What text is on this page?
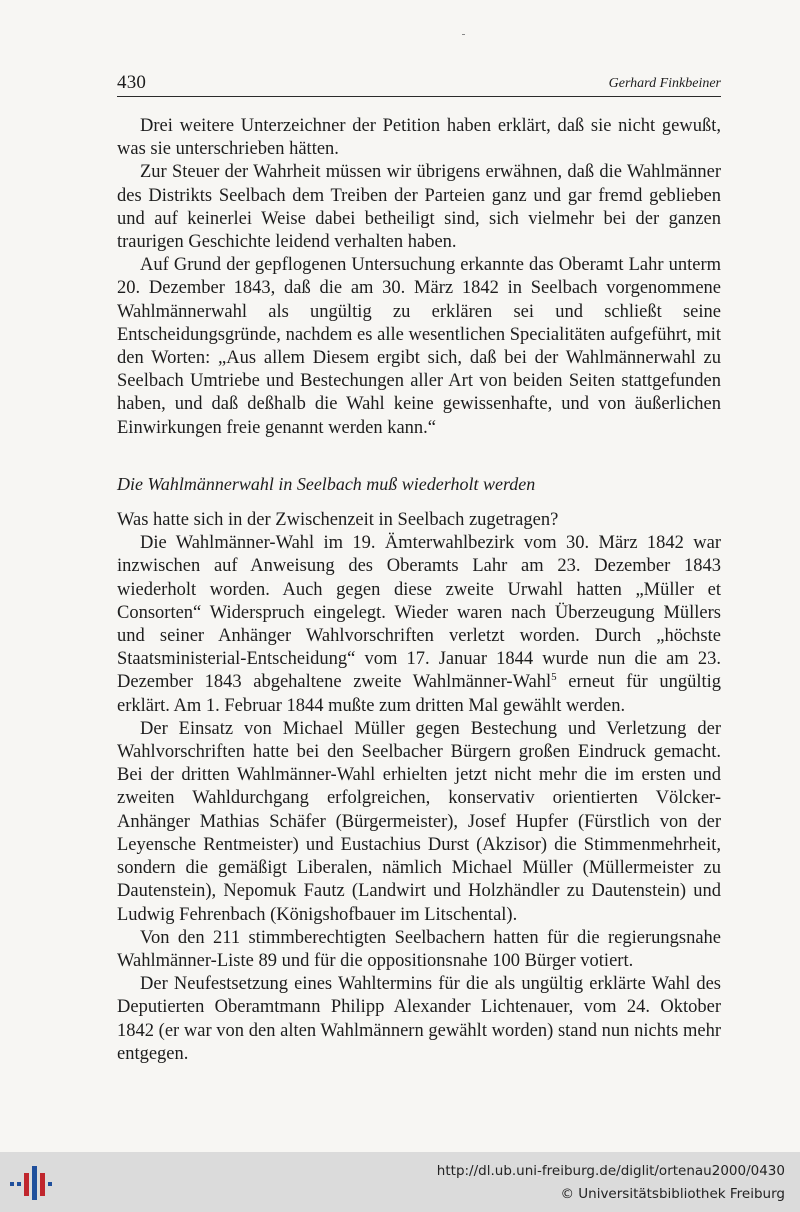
430	Gerhard Finkbeiner

Drei weitere Unterzeichner der Petition haben erklärt, daß sie nicht gewußt, was sie unterschrieben hätten.

Zur Steuer der Wahrheit müssen wir übrigens erwähnen, daß die Wahlmänner des Distrikts Seelbach dem Treiben der Parteien ganz und gar fremd geblieben und auf keinerlei Weise dabei betheiligt sind, sich vielmehr bei der ganzen traurigen Geschichte leidend verhalten haben.

Auf Grund der gepflogenen Untersuchung erkannte das Oberamt Lahr unterm 20. Dezember 1843, daß die am 30. März 1842 in Seelbach vorgenommene Wahlmännerwahl als ungültig zu erklären sei und schließt seine Entscheidungsgründe, nachdem es alle wesentlichen Specialitäten aufgeführt, mit den Worten: „Aus allem Diesem ergibt sich, daß bei der Wahlmännerwahl zu Seelbach Umtriebe und Bestechungen aller Art von beiden Seiten stattgefunden haben, und daß deßhalb die Wahl keine gewissenhafte, und von äußerlichen Einwirkungen freie genannt werden kann.“

Die Wahlmännerwahl in Seelbach muß wiederholt werden

Was hatte sich in der Zwischenzeit in Seelbach zugetragen?

Die Wahlmänner-Wahl im 19. Ämterwahlbezirk vom 30. März 1842 war inzwischen auf Anweisung des Oberamts Lahr am 23. Dezember 1843 wiederholt worden. Auch gegen diese zweite Urwahl hatten „Müller et Consorten“ Widerspruch eingelegt. Wieder waren nach Überzeugung Müllers und seiner Anhänger Wahlvorschriften verletzt worden. Durch „höchste Staatsministerial-Entscheidung“ vom 17. Januar 1844 wurde nun die am 23. Dezember 1843 abgehaltene zweite Wahlmänner-Wahl$^5$ erneut für ungültig erklärt. Am 1. Februar 1844 mußte zum dritten Mal gewählt werden.

Der Einsatz von Michael Müller gegen Bestechung und Verletzung der Wahlvorschriften hatte bei den Seelbacher Bürgern großen Eindruck gemacht. Bei der dritten Wahlmänner-Wahl erhielten jetzt nicht mehr die im ersten und zweiten Wahldurchgang erfolgreichen, konservativ orientierten Völcker-Anhänger Mathias Schäfer (Bürgermeister), Josef Hupfer (Fürstlich von der Leyensche Rentmeister) und Eustachius Durst (Akzisor) die Stimmenmehrheit, sondern die gemäßigt Liberalen, nämlich Michael Müller (Müllermeister zu Dautenstein), Nepomuk Fautz (Landwirt und Holzhändler zu Dautenstein) und Ludwig Fehrenbach (Königshofbauer im Litschental).

Von den 211 stimmberechtigten Seelbachern hatten für die regierungsnahe Wahlmänner-Liste 89 und für die oppositionsnahe 100 Bürger votiert.

Der Neufestsetzung eines Wahltermins für die als ungültig erklärte Wahl des Deputierten Oberamtmann Philipp Alexander Lichtenauer, vom 24. Oktober 1842 (er war von den alten Wahlmännern gewählt worden) stand nun nichts mehr entgegen.

http://dl.ub.uni-freiburg.de/diglit/ortenau2000/0430
© Universitätsbibliothek Freiburg
